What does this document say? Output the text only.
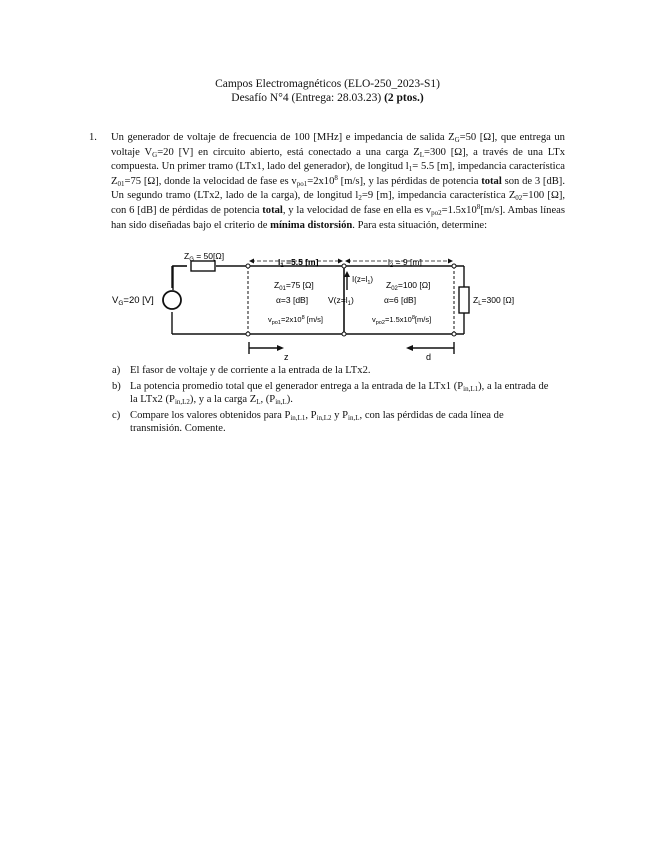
Campos Electromagnéticos (ELO-250_2023-S1)
Desafío N°4 (Entrega: 28.03.23) (2 ptos.)
1. Un generador de voltaje de frecuencia de 100 [MHz] e impedancia de salida $Z_G=50$ [Ω], que entrega un voltaje $V_G=20$ [V] en circuito abierto, está conectado a una carga $Z_L=300$ [Ω], a través de una LTx compuesta. Un primer tramo (LTx1, lado del generador), de longitud $l_1= 5.5$ [m], impedancia característica $Z_{01}=75$ [Ω], donde la velocidad de fase es $v_{po1}=2x10^8$ [m/s], y las pérdidas de potencia total son de 3 [dB]. Un segundo tramo (LTx2, lado de la carga), de longitud $l_2=9$ [m], impedancia característica $Z_{02}=100$ [Ω], con 6 [dB] de pérdidas de potencia total, y la velocidad de fase en ella es $v_{po2}=1.5x10^8[m/s]$. Ambas líneas han sido diseñadas bajo el criterio de mínima distorsión. Para esta situación, determine:
$Z_G = 50[\Omega]$
$V_G=20$ [V]
$l_1 =5.5$ [m]	$l_2 = 9$ [m]
$Z_{01}=75$ [Ω]
α=3 [dB]
$v_{po1}=2x10^8$ [m/s]
$I(z=l_1)$
$V(z=l_1)$
$Z_{02}=100$ [Ω]
α=6 [dB]
$v_{po2}=1.5x10^8[m/s]$
$Z_L=300$ [Ω]
z	d
a) El fasor de voltaje y de corriente a la entrada de la LTx2.
b) La potencia promedio total que el generador entrega a la entrada de la LTx1 $(P_{in,L1})$, a la entrada de la LTx2 $(P_{in,L2})$, y a la carga $Z_L$, $(P_{in,L})$.
c) Compare los valores obtenidos para $P_{in,L1}$, $P_{in,L2}$ y $P_{in,L}$, con las pérdidas de cada línea de transmisión. Comente.
